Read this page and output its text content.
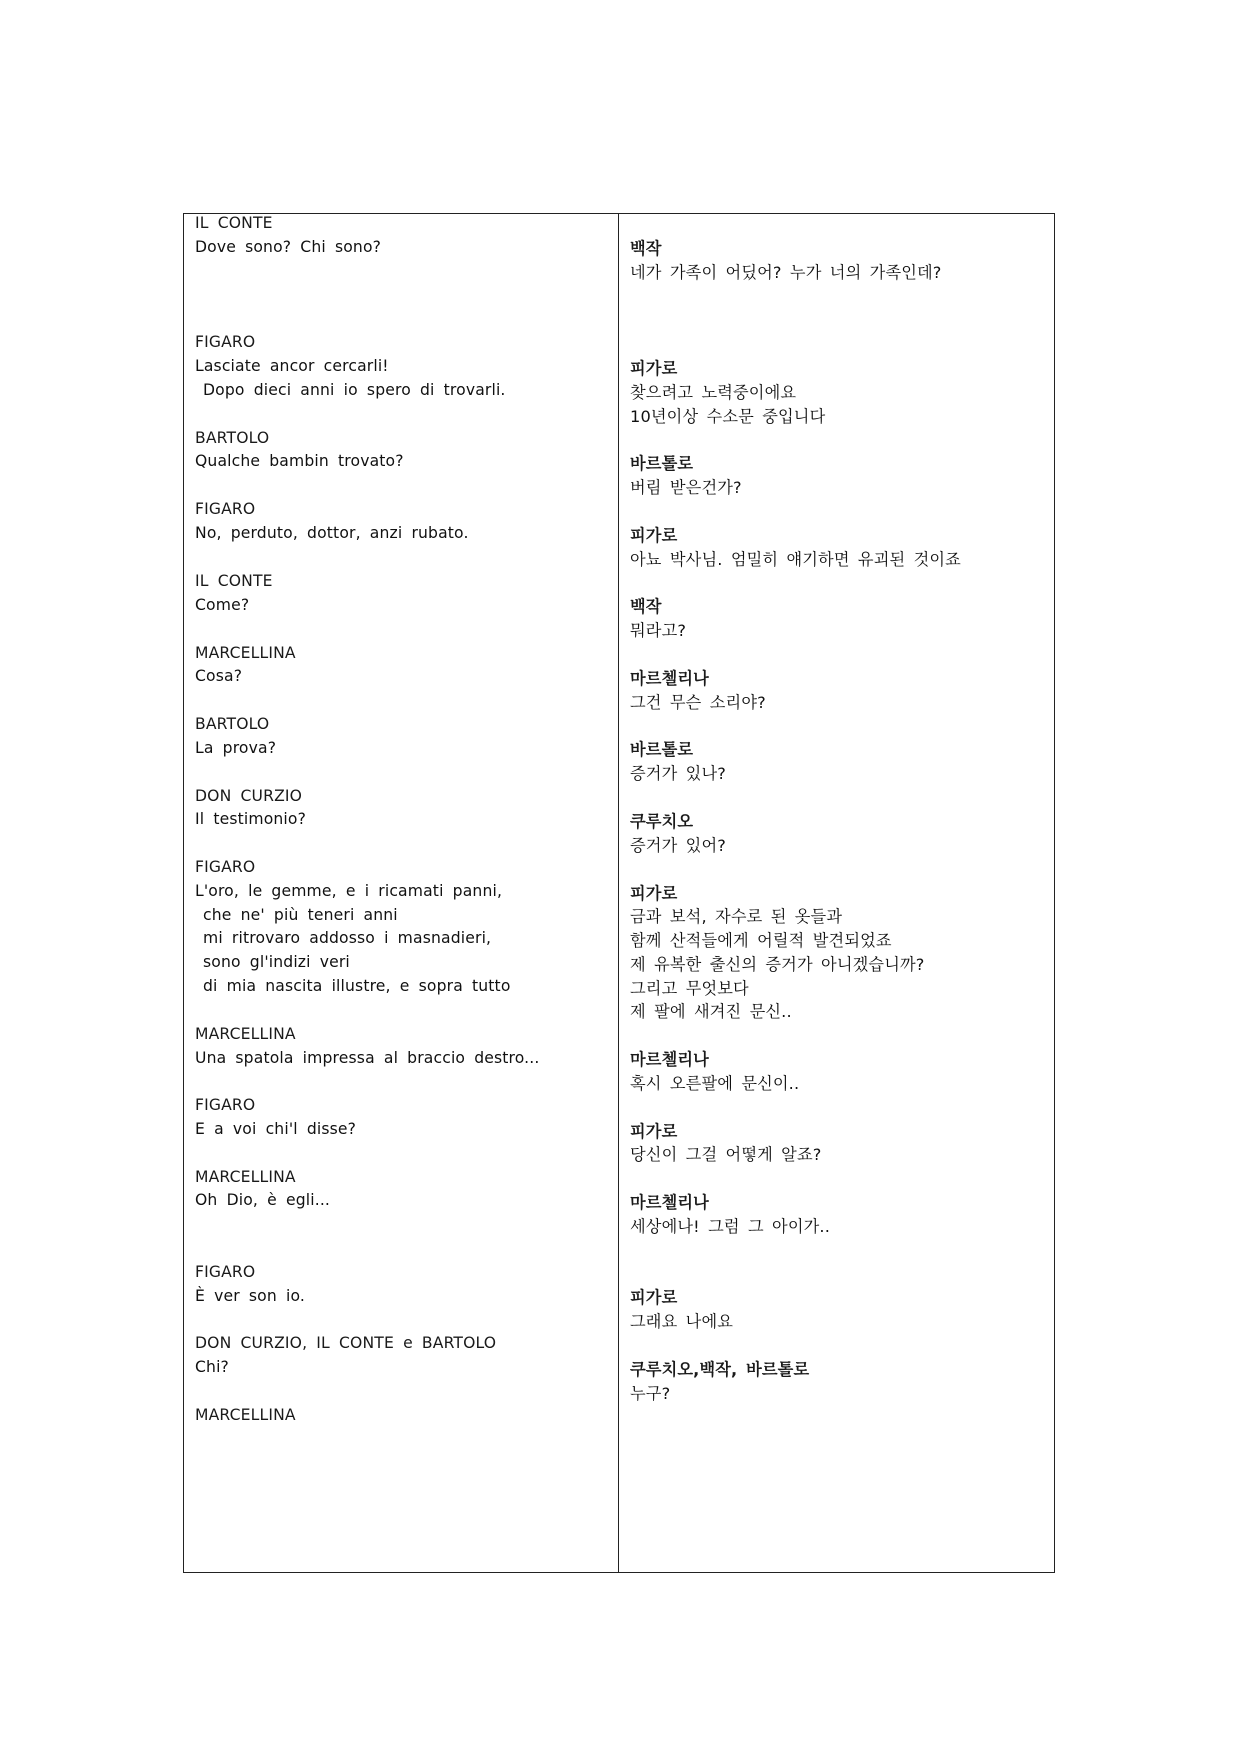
IL CONTE
Dove sono? Chi sono?
FIGARO
Lasciate ancor cercarli!
Dopo dieci anni io spero di trovarli.
BARTOLO
Qualche bambin trovato?
FIGARO
No, perduto, dottor, anzi rubato.
IL CONTE
Come?
MARCELLINA
Cosa?
BARTOLO
La prova?
DON CURZIO
Il testimonio?
FIGARO
L'oro, le gemme, e i ricamati panni,
che ne' più teneri anni
mi ritrovaro addosso i masnadieri,
sono gl'indizi veri
di mia nascita illustre, e sopra tutto
MARCELLINA
Una spatola impressa al braccio destro...
FIGARO
E a voi chi'l disse?
MARCELLINA
Oh Dio, è egli...
FIGARO
È ver son io.
DON CURZIO, IL CONTE e BARTOLO
Chi?
MARCELLINA
백작
네가 가족이 어딨어? 누가 너의 가족인데?
피가로
찾으려고 노력중이에요
10년이상 수소문 중입니다
바르톨로
버림 받은건가?
피가로
아뇨 박사님. 엄밀히 얘기하면 유괴된 것이죠
백작
뭐라고?
마르첼리나
그건 무슨 소리야?
바르톨로
증거가 있나?
쿠루치오
증거가 있어?
피가로
금과 보석, 자수로 된 옷들과
함께 산적들에게 어릴적 발견되었죠
제 유복한 출신의 증거가 아니겠습니까?
그리고 무엇보다
제 팔에 새겨진 문신..
마르첼리나
혹시 오른팔에 문신이..
피가로
당신이 그걸 어떻게 알죠?
마르첼리나
세상에나! 그럼 그 아이가..
피가로
그래요 나에요
쿠루치오,백작, 바르톨로
누구?
